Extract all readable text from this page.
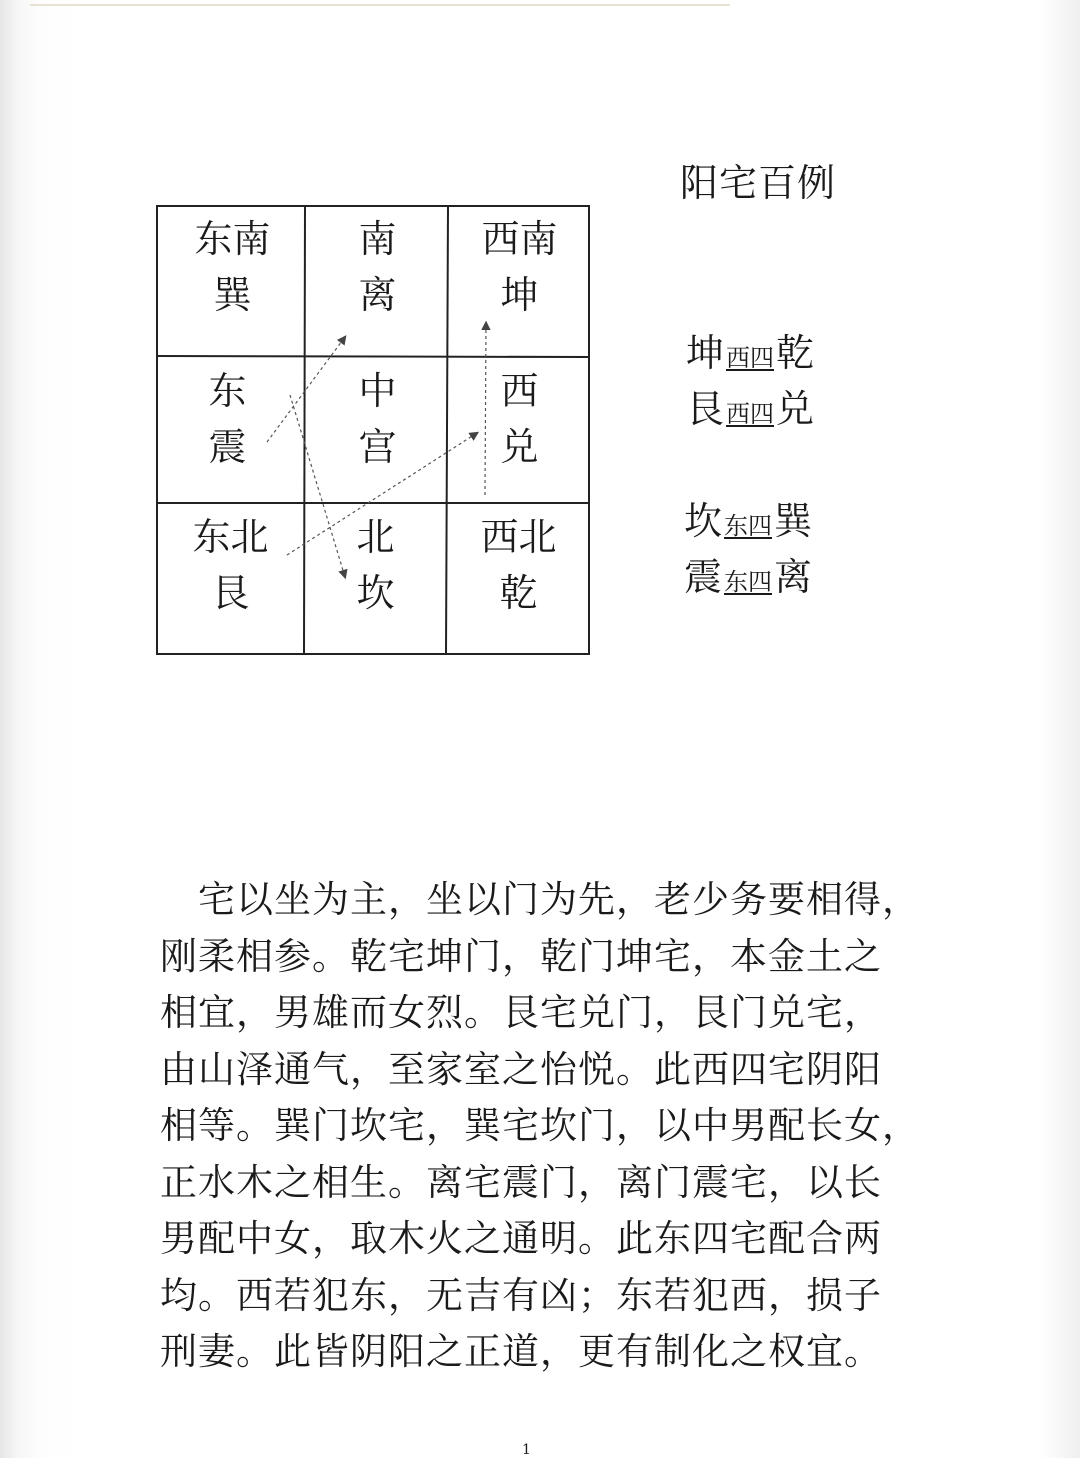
阳宅百例
东南
巽
南
离
西南
坤
东
震
中
宫
西
兑
东北
艮
北
坎
西北
乾
坤 西四 乾
艮 西四 兑
坎 东四 巽
震 东四 离

　宅以坐为主，坐以门为先，老少务要相得，

刚柔相参。乾宅坤门，乾门坤宅，本金土之

相宜，男雄而女烈。艮宅兑门，艮门兑宅，

由山泽通气，至家室之怡悦。此西四宅阴阳

相等。巽门坎宅，巽宅坎门，以中男配长女，

正水木之相生。离宅震门，离门震宅，以长

男配中女，取木火之通明。此东四宅配合两

均。西若犯东，无吉有凶；东若犯西，损子

刑妻。此皆阴阳之正道，更有制化之权宜。

1
